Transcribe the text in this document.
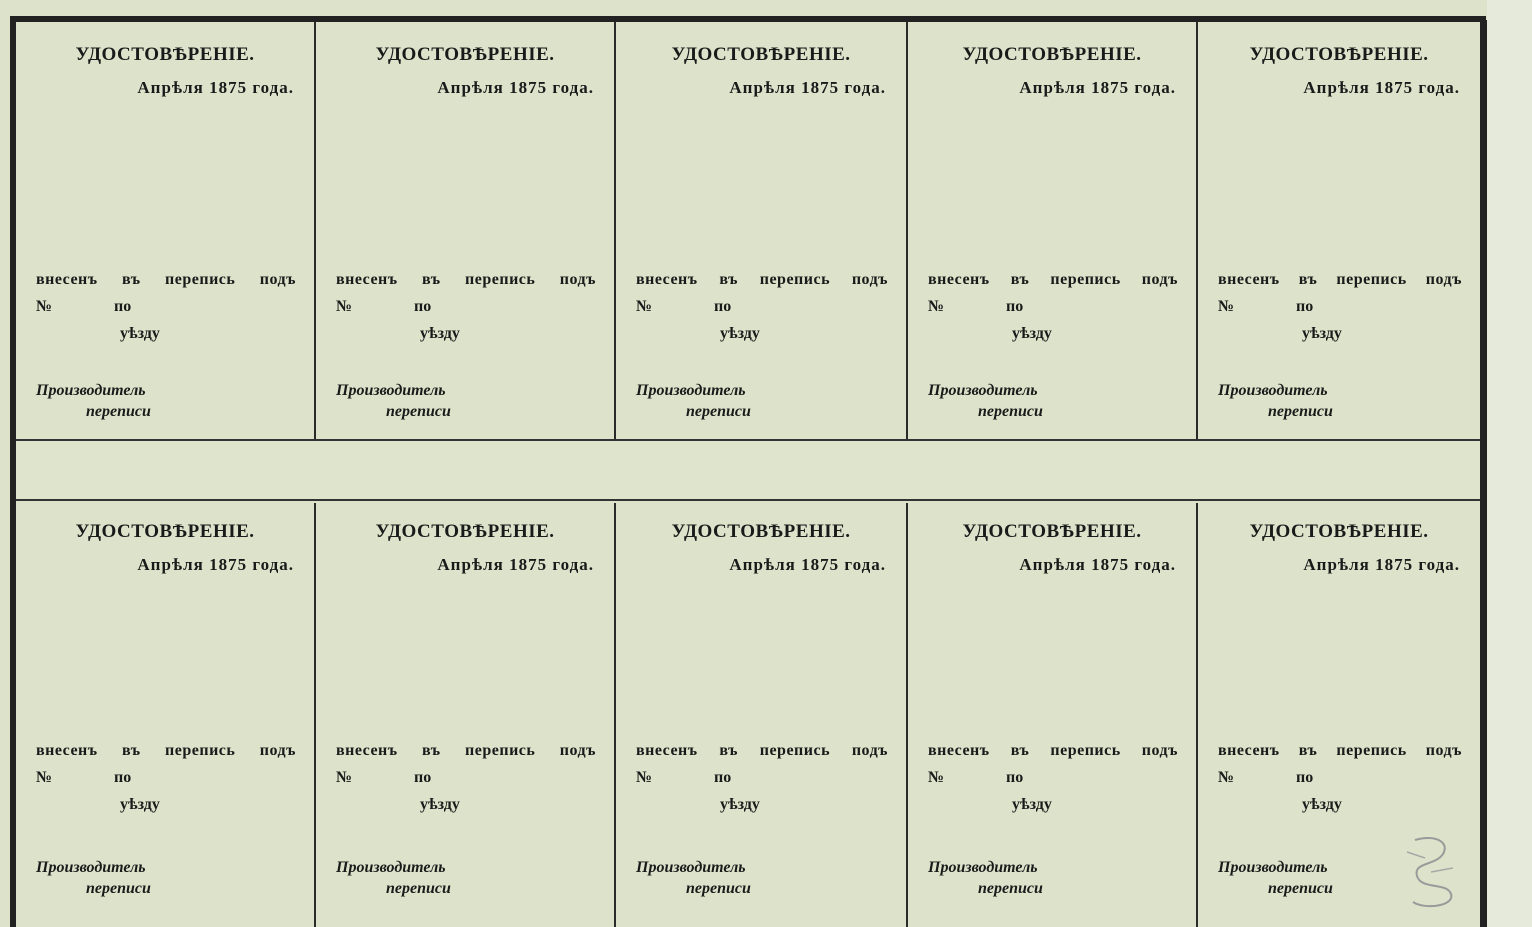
УДОСТОВѢРЕНІЕ.
Апрѣля 1875 года.
внесенъ въ перепись подъ
№	по
уѣзду
Производитель
переписи
УДОСТОВѢРЕНІЕ.
Апрѣля 1875 года.
внесенъ въ перепись подъ
№	по
уѣзду
Производитель
переписи
УДОСТОВѢРЕНІЕ.
Апрѣля 1875 года.
внесенъ въ перепись подъ
№	по
уѣзду
Производитель
переписи
УДОСТОВѢРЕНІЕ.
Апрѣля 1875 года.
внесенъ въ перепись подъ
№	по
уѣзду
Производитель
переписи
УДОСТОВѢРЕНІЕ.
Апрѣля 1875 года.
внесенъ въ перепись подъ
№	по
уѣзду
Производитель
переписи
УДОСТОВѢРЕНІЕ.
Апрѣля 1875 года.
внесенъ въ перепись подъ
№	по
уѣзду
Производитель
переписи
УДОСТОВѢРЕНІЕ.
Апрѣля 1875 года.
внесенъ въ перепись подъ
№	по
уѣзду
Производитель
переписи
УДОСТОВѢРЕНІЕ.
Апрѣля 1875 года.
внесенъ въ перепись подъ
№	по
уѣзду
Производитель
переписи
УДОСТОВѢРЕНІЕ.
Апрѣля 1875 года.
внесенъ въ перепись подъ
№	по
уѣзду
Производитель
переписи
УДОСТОВѢРЕНІЕ.
Апрѣля 1875 года.
внесенъ въ перепись подъ
№	по
уѣзду
Производитель
переписи
